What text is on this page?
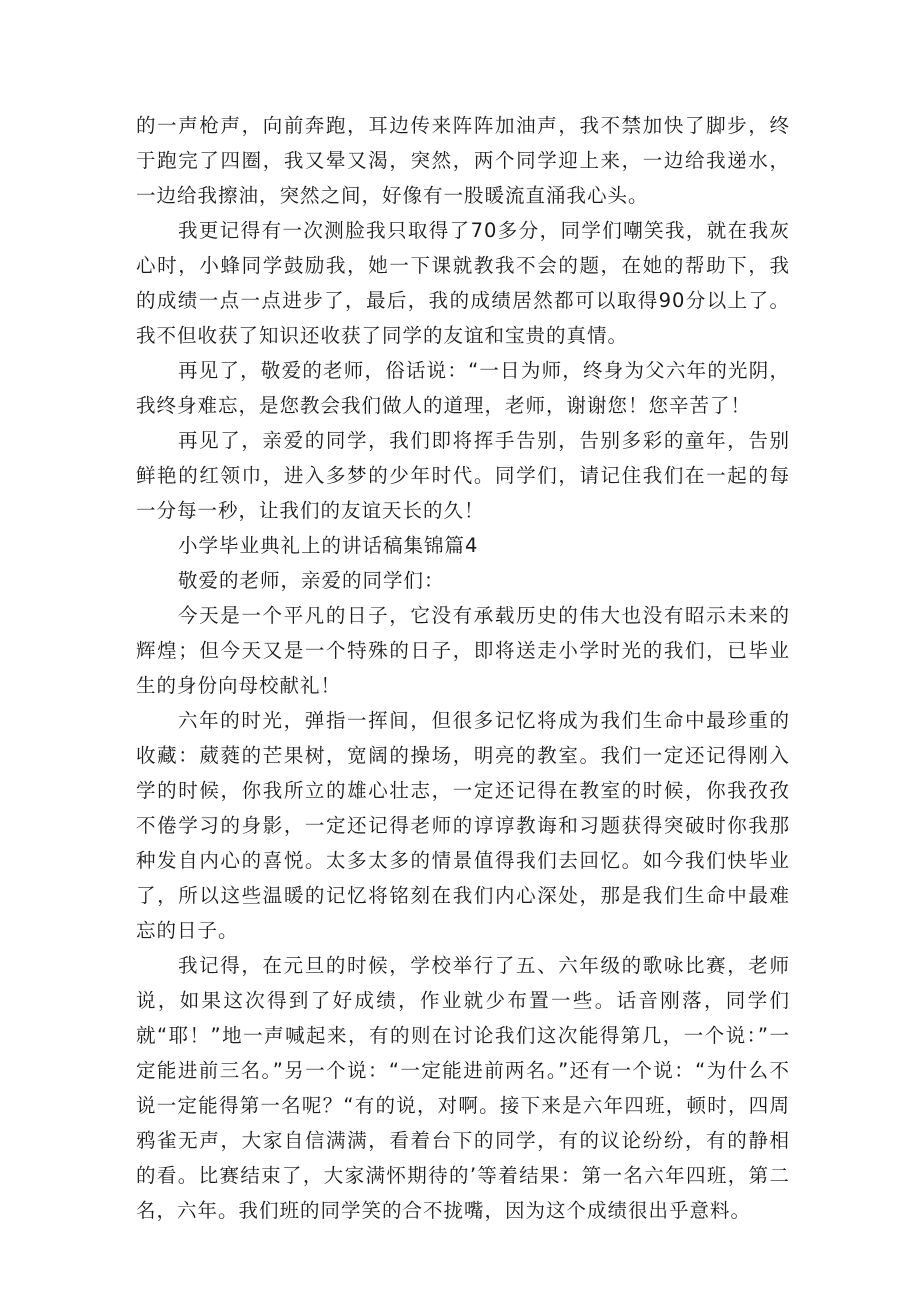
的一声枪声，向前奔跑，耳边传来阵阵加油声，我不禁加快了脚步，终于跑完了四圈，我又晕又渴，突然，两个同学迎上来，一边给我递水，一边给我擦油，突然之间，好像有一股暖流直涌我心头。

我更记得有一次测脸我只取得了70多分，同学们嘲笑我，就在我灰心时，小蜂同学鼓励我，她一下课就教我不会的题，在她的帮助下，我的成绩一点一点进步了，最后，我的成绩居然都可以取得90分以上了。我不但收获了知识还收获了同学的友谊和宝贵的真情。

再见了，敬爱的老师，俗话说：“一日为师，终身为父六年的光阴，我终身难忘，是您教会我们做人的道理，老师，谢谢您！您辛苦了！

再见了，亲爱的同学，我们即将挥手告别，告别多彩的童年，告别鲜艳的红领巾，进入多梦的少年时代。同学们，请记住我们在一起的每一分每一秒，让我们的友谊天长的久！

小学毕业典礼上的讲话稿集锦篇4

敬爱的老师，亲爱的同学们：

今天是一个平凡的日子，它没有承载历史的伟大也没有昭示未来的辉煌；但今天又是一个特殊的日子，即将送走小学时光的我们，已毕业生的身份向母校献礼！

六年的时光，弹指一挥间，但很多记忆将成为我们生命中最珍重的收藏：葳蕤的芒果树，宽阔的操场，明亮的教室。我们一定还记得刚入学的时候，你我所立的雄心壮志，一定还记得在教室的时候，你我孜孜不倦学习的身影，一定还记得老师的谆谆教诲和习题获得突破时你我那种发自内心的喜悦。太多太多的情景值得我们去回忆。如今我们快毕业了，所以这些温暖的记忆将铭刻在我们内心深处，那是我们生命中最难忘的日子。

我记得，在元旦的时候，学校举行了五、六年级的歌咏比赛，老师说，如果这次得到了好成绩，作业就少布置一些。话音刚落，同学们就“耶！”地一声喊起来，有的则在讨论我们这次能得第几，一个说：”一定能进前三名。”另一个说：“一定能进前两名。”还有一个说：“为什么不说一定能得第一名呢？“有的说，对啊。接下来是六年四班，顿时，四周鸦雀无声，大家自信满满，看着台下的同学，有的议论纷纷，有的静相的看。比赛结束了，大家满怀期待的’等着结果：第一名六年四班，第二名，六年。我们班的同学笑的合不拢嘴，因为这个成绩很出乎意料。
